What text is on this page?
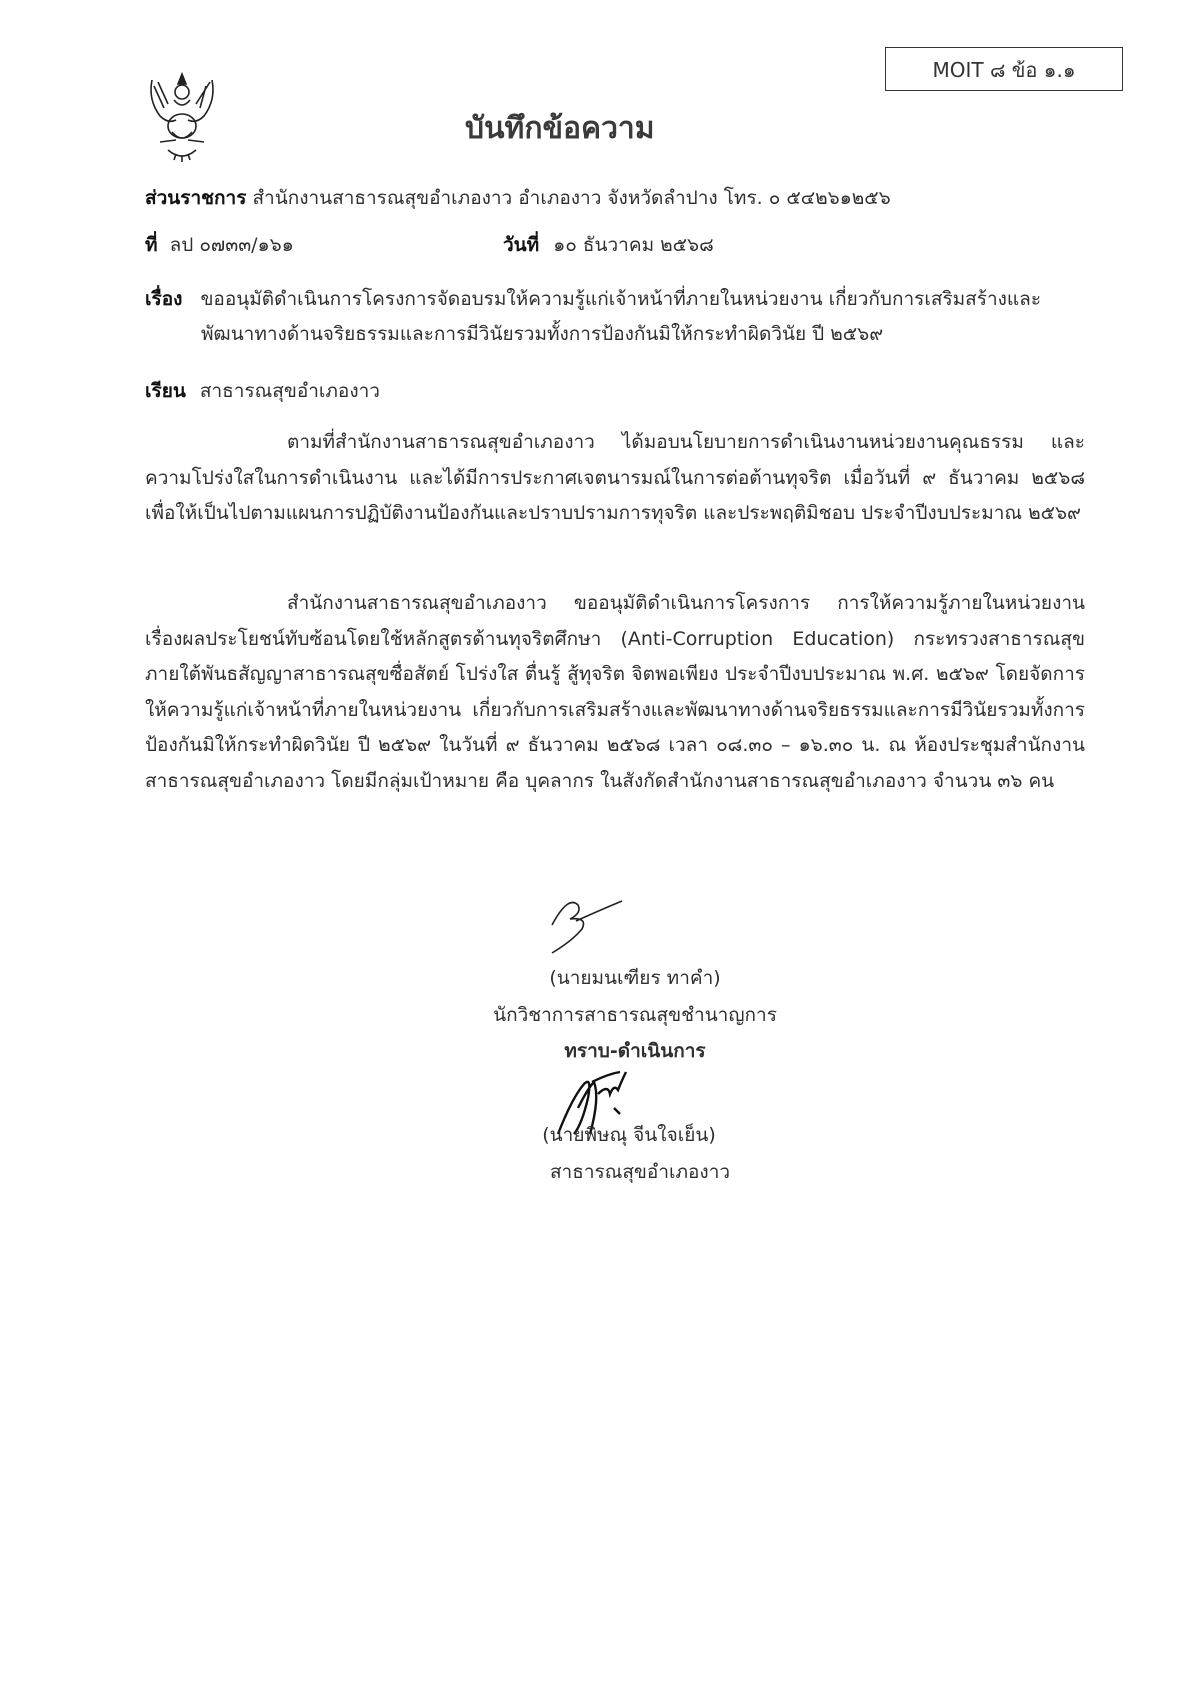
MOIT ๘ ข้อ ๑.๑
บันทึกข้อความ
ส่วนราชการ สำนักงานสาธารณสุขอำเภองาว อำเภองาว จังหวัดลำปาง โทร. ๐ ๕๔๒๖๑๒๕๖
ที่ ลป ๐๗๓๓/๑๖๑	วันที่ ๑๐ ธันวาคม ๒๕๖๘
เรื่อง ขออนุมัติดำเนินการโครงการจัดอบรมให้ความรู้แก่เจ้าหน้าที่ภายในหน่วยงาน เกี่ยวกับการเสริมสร้างและ
พัฒนาทางด้านจริยธรรมและการมีวินัยรวมทั้งการป้องกันมิให้กระทำผิดวินัย ปี ๒๕๖๙
เรียน สาธารณสุขอำเภองาว
ตามที่สำนักงานสาธารณสุขอำเภองาว ได้มอบนโยบายการดำเนินงานหน่วยงานคุณธรรม และความโปร่งใสในการดำเนินงาน และได้มีการประกาศเจตนารมณ์ในการต่อต้านทุจริต เมื่อวันที่ ๙ ธันวาคม ๒๕๖๘ เพื่อให้เป็นไปตามแผนการปฏิบัติงานป้องกันและปราบปรามการทุจริต และประพฤติมิชอบ ประจำปีงบประมาณ ๒๕๖๙
สำนักงานสาธารณสุขอำเภองาว ขออนุมัติดำเนินการโครงการ การให้ความรู้ภายในหน่วยงาน เรื่องผลประโยชน์ทับซ้อนโดยใช้หลักสูตรด้านทุจริตศึกษา (Anti-Corruption Education) กระทรวงสาธารณสุข ภายใต้พันธสัญญาสาธารณสุขซื่อสัตย์ โปร่งใส ตื่นรู้ สู้ทุจริต จิตพอเพียง ประจำปีงบประมาณ พ.ศ. ๒๕๖๙ โดยจัดการให้ความรู้แก่เจ้าหน้าที่ภายในหน่วยงาน เกี่ยวกับการเสริมสร้างและพัฒนาทางด้านจริยธรรมและการมีวินัยรวมทั้งการป้องกันมิให้กระทำผิดวินัย ปี ๒๕๖๙ ในวันที่ ๙ ธันวาคม ๒๕๖๘ เวลา ๐๘.๓๐ – ๑๖.๓๐ น. ณ ห้องประชุมสำนักงานสาธารณสุขอำเภองาว โดยมีกลุ่มเป้าหมาย คือ บุคลากร ในสังกัดสำนักงานสาธารณสุขอำเภองาว จำนวน ๓๖ คน
(นายมนเฑียร ทาคำ)
นักวิชาการสาธารณสุขชำนาญการ
ทราบ-ดำเนินการ
(นายพิษณุ จีนใจเย็น)
สาธารณสุขอำเภองาว
